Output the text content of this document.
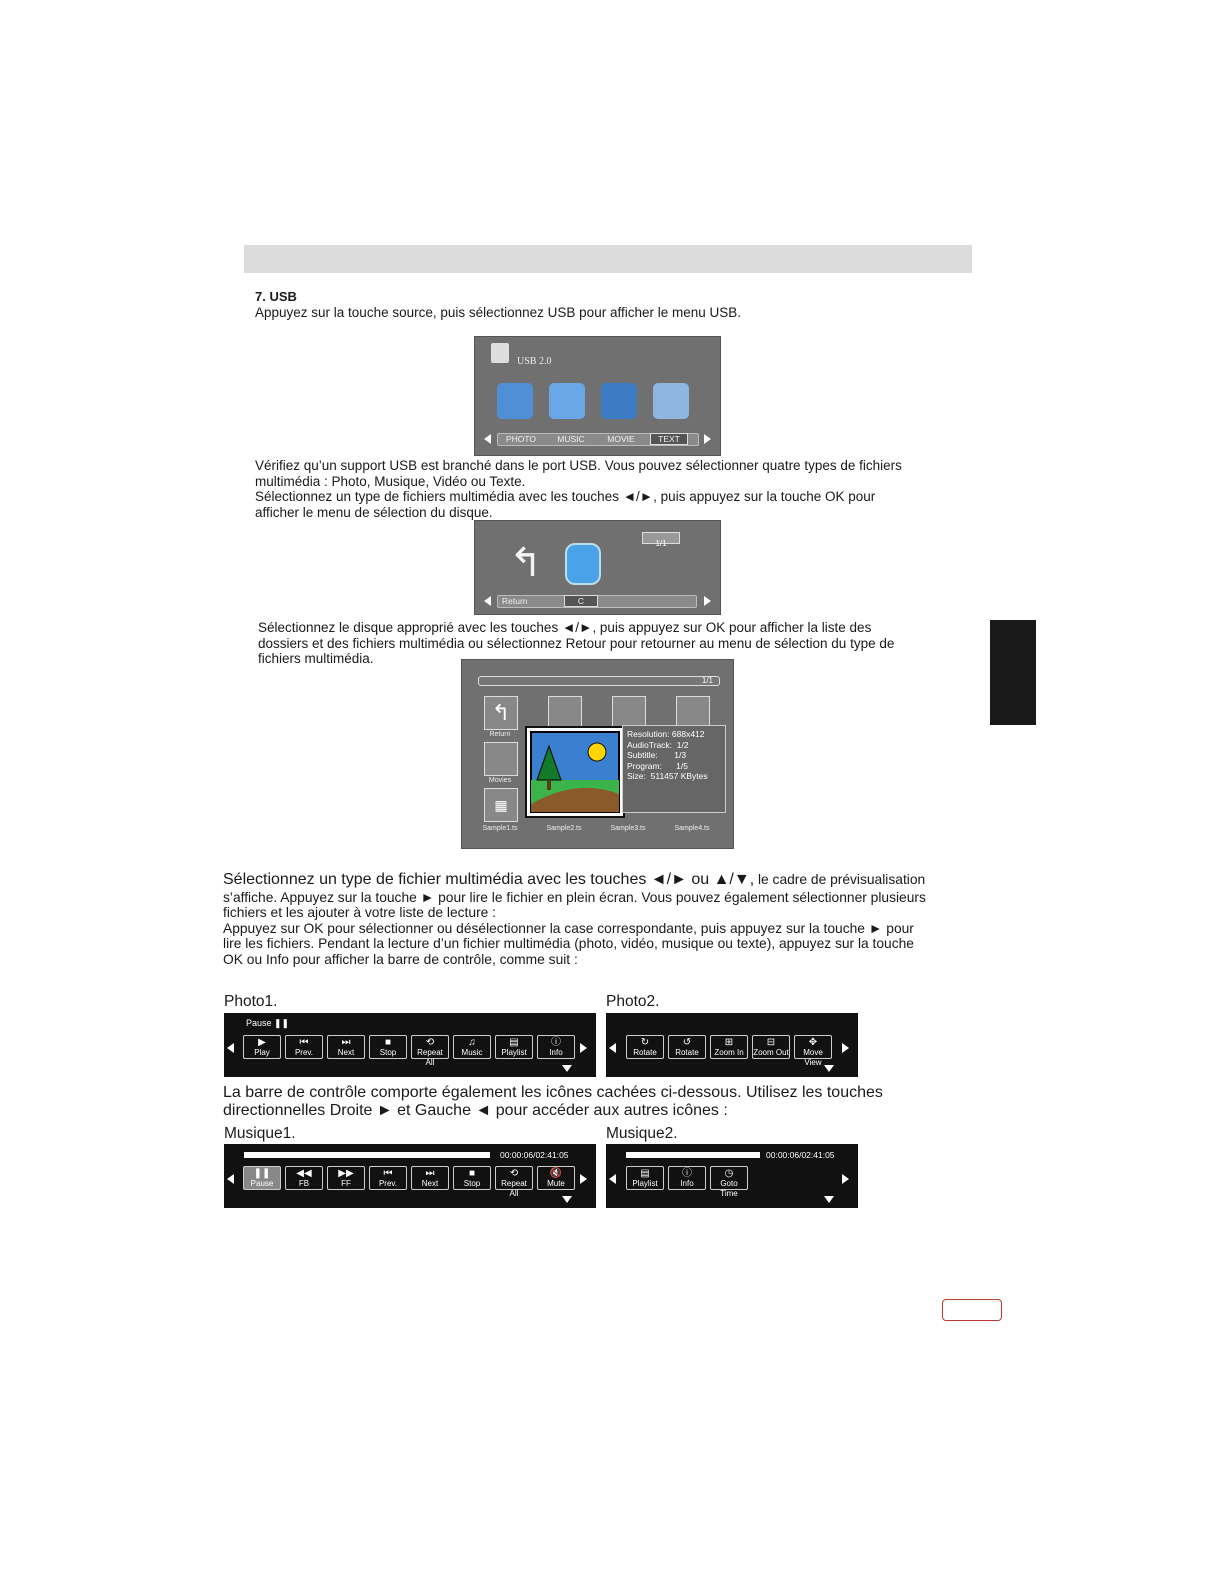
7. USB
Appuyez sur la touche source, puis sélectionnez USB pour afficher le menu USB.
USB 2.0
PHOTO	MUSIC	MOVIE	TEXT
Vérifiez qu’un support USB est branché dans le port USB. Vous pouvez sélectionner quatre types de fichiers
multimédia : Photo, Musique, Vidéo ou Texte.
Sélectionnez un type de fichiers multimédia avec les touches ◄/►, puis appuyez sur la touche OK pour
afficher le menu de sélection du disque.
1/1
↰
Return	C
Sélectionnez le disque approprié avec les touches ◄/►, puis appuyez sur OK pour afficher la liste des
dossiers et des fichiers multimédia ou sélectionnez Retour pour retourner au menu de sélection du type de
fichiers multimédia.
1/1
↰
Return
Movies
▦
Sample1.ts	Sample2.ts	Sample3.ts	Sample4.ts
Resolution: 688x412
AudioTrack:  1/2
Subtitle:       1/3
Program:      1/5
Size:  511457 KBytes
Sélectionnez un type de fichier multimédia avec les touches ◄/► ou ▲/▼, le cadre de prévisualisation
s’affiche. Appuyez sur la touche ► pour lire le fichier en plein écran. Vous pouvez également sélectionner plusieurs
fichiers et les ajouter à votre liste de lecture :
Appuyez sur OK pour sélectionner ou désélectionner la case correspondante, puis appuyez sur la touche ► pour
lire les fichiers. Pendant la lecture d’un fichier multimédia (photo, vidéo, musique ou texte), appuyez sur la touche
OK ou Info pour afficher la barre de contrôle, comme suit :
Photo1.
Pause ❚❚
▶
Play
⏮
Prev.
⏭
Next
■
Stop
⟲
Repeat All
♫
Music
▤
Playlist
ⓘ
Info
Photo2.
↻
Rotate
↺
Rotate
⊞
Zoom In
⊟
Zoom Out
✥
Move View
La barre de contrôle comporte également les icônes cachées ci-dessous. Utilisez les touches
directionnelles Droite ► et Gauche ◄ pour accéder aux autres icônes :
Musique1.
00:00:06/02:41:05
❚❚
Pause
◀◀
FB
▶▶
FF
⏮
Prev.
⏭
Next
■
Stop
⟲
Repeat All
🔇
Mute
Musique2.
00:00:06/02:41:05
▤
Playlist
ⓘ
Info
◷
Goto Time
